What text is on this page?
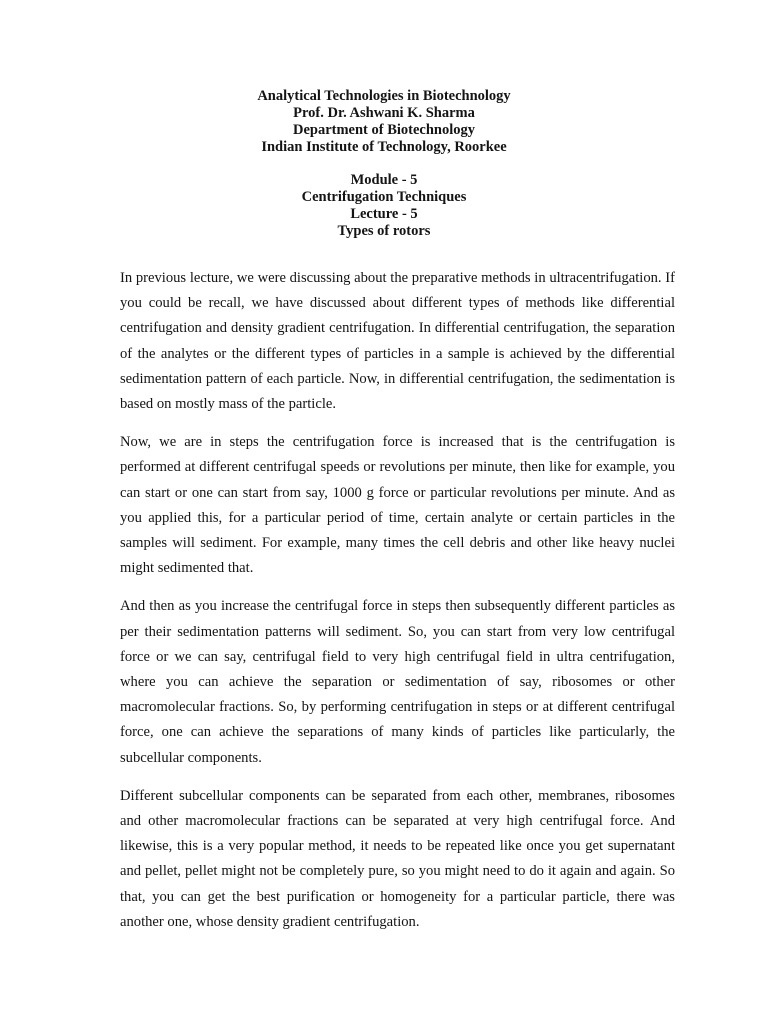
Analytical Technologies in Biotechnology
Prof. Dr. Ashwani K. Sharma
Department of Biotechnology
Indian Institute of Technology, Roorkee
Module - 5
Centrifugation Techniques
Lecture - 5
Types of rotors

In previous lecture, we were discussing about the preparative methods in ultracentrifugation. If you could be recall, we have discussed about different types of methods like differential centrifugation and density gradient centrifugation. In differential centrifugation, the separation of the analytes or the different types of particles in a sample is achieved by the differential sedimentation pattern of each particle. Now, in differential centrifugation, the sedimentation is based on mostly mass of the particle.

Now, we are in steps the centrifugation force is increased that is the centrifugation is performed at different centrifugal speeds or revolutions per minute, then like for example, you can start or one can start from say, 1000 g force or particular revolutions per minute. And as you applied this, for a particular period of time, certain analyte or certain particles in the samples will sediment. For example, many times the cell debris and other like heavy nuclei might sedimented that.

And then as you increase the centrifugal force in steps then subsequently different particles as per their sedimentation patterns will sediment. So, you can start from very low centrifugal force or we can say, centrifugal field to very high centrifugal field in ultra centrifugation, where you can achieve the separation or sedimentation of say, ribosomes or other macromolecular fractions. So, by performing centrifugation in steps or at different centrifugal force, one can achieve the separations of many kinds of particles like particularly, the subcellular components.

Different subcellular components can be separated from each other, membranes, ribosomes and other macromolecular fractions can be separated at very high centrifugal force. And likewise, this is a very popular method, it needs to be repeated like once you get supernatant and pellet, pellet might not be completely pure, so you might need to do it again and again. So that, you can get the best purification or homogeneity for a particular particle, there was another one, whose density gradient centrifugation.
